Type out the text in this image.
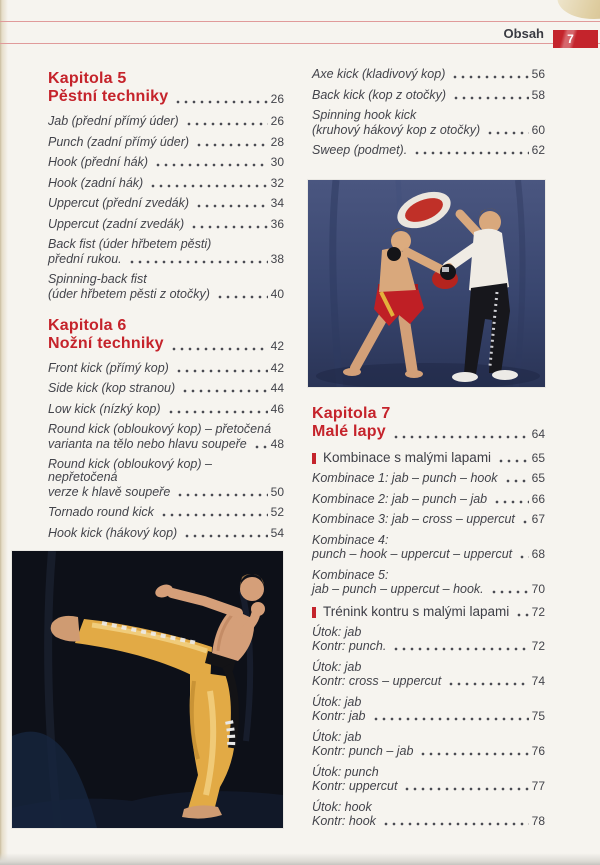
Obsah 7
Kapitola 5
Pěstní techniky	26
Jab (přední přímý úder)	26
Punch (zadní přímý úder)	28
Hook (přední hák)	30
Hook (zadní hák)	32
Uppercut (přední zvedák)	34
Uppercut (zadní zvedák)	36
Back fist (úder hřbetem pěsti)
přední rukou.	38
Spinning-back fist
(úder hřbetem pěsti z otočky)	40
Kapitola 6
Nožní techniky	42
Front kick (přímý kop)	42
Side kick (kop stranou)	44
Low kick (nízký kop)	46
Round kick (obloukový kop) – přetočená
varianta na tělo nebo hlavu soupeře 48
Round kick (obloukový kop) – nepřetočená
verze k hlavě soupeře	50
Tornado round kick	52
Hook kick (hákový kop)	54
Axe kick (kladivový kop)	56
Back kick (kop z otočky)	58
Spinning hook kick
(kruhový hákový kop z otočky)	60
Sweep (podmet).	62
Kapitola 7
Malé lapy	64
Kombinace s malými lapami	65
Kombinace 1: jab – punch – hook	65
Kombinace 2: jab – punch – jab	66
Kombinace 3: jab – cross – uppercut 67
Kombinace 4:
punch – hook – uppercut – uppercut 68
Kombinace 5:
jab – punch – uppercut – hook.	70
Trénink kontru s malými lapami 72
Útok: jab
Kontr: punch.	72
Útok: jab
Kontr: cross – uppercut	74
Útok: jab
Kontr: jab	75
Útok: jab
Kontr: punch – jab	76
Útok: punch
Kontr: uppercut	77
Útok: hook
Kontr: hook	78
